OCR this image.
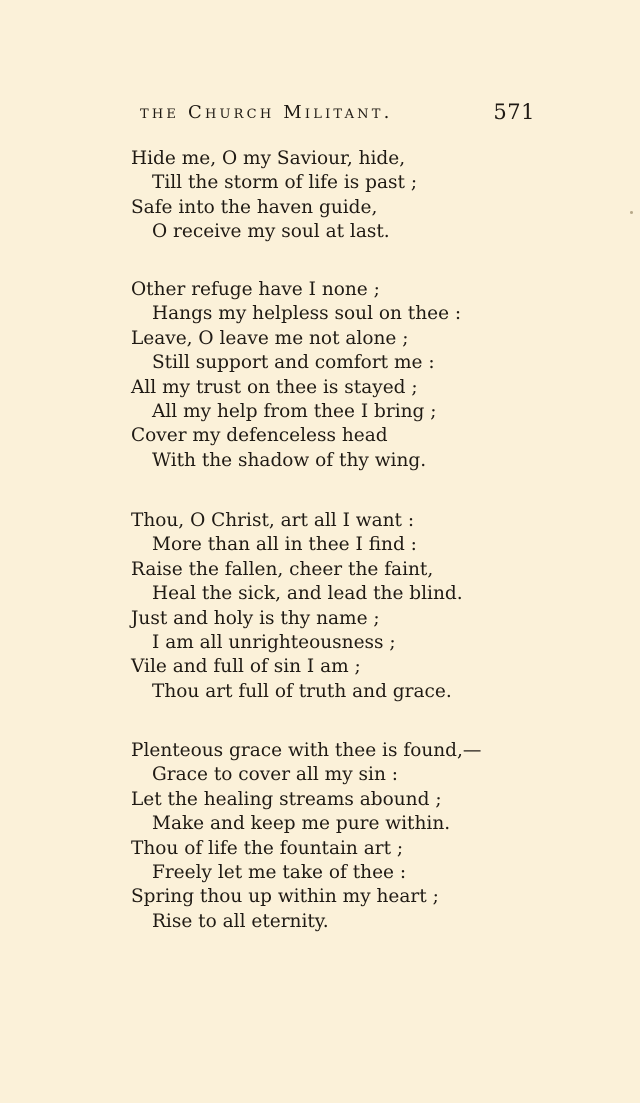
the Church Militant.	571
Hide me, O my Saviour, hide,
Till the storm of life is past ;
Safe into the haven guide,
O receive my soul at last.
Other refuge have I none ;
Hangs my helpless soul on thee :
Leave, O leave me not alone ;
Still support and comfort me :
All my trust on thee is stayed ;
All my help from thee I bring ;
Cover my defenceless head
With the shadow of thy wing.
Thou, O Christ, art all I want :
More than all in thee I find :
Raise the fallen, cheer the faint,
Heal the sick, and lead the blind.
Just and holy is thy name ;
I am all unrighteousness ;
Vile and full of sin I am ;
Thou art full of truth and grace.
Plenteous grace with thee is found,—
Grace to cover all my sin :
Let the healing streams abound ;
Make and keep me pure within.
Thou of life the fountain art ;
Freely let me take of thee :
Spring thou up within my heart ;
Rise to all eternity.
